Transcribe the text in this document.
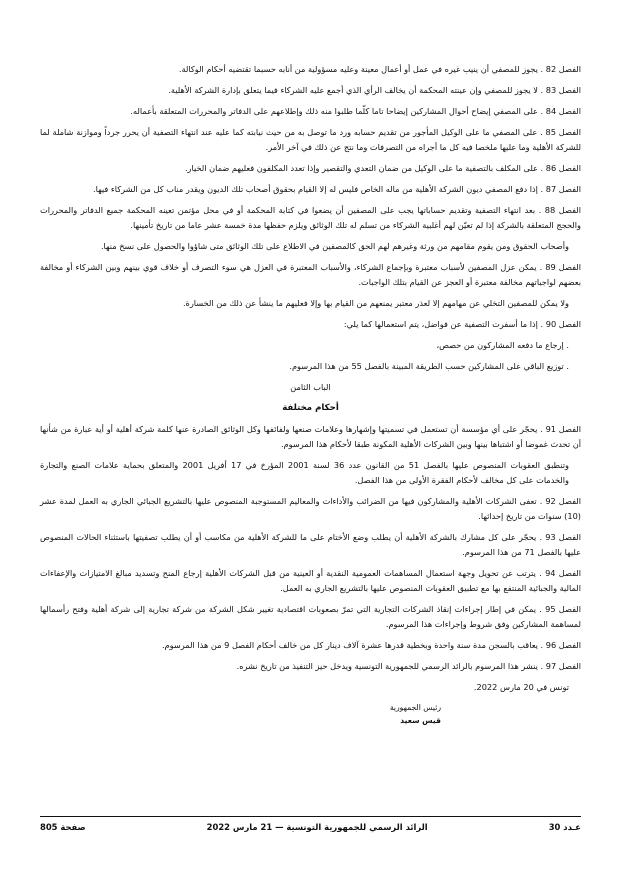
الفصل 82 . يجوز للمصفي أن ينيب غيره في عمل أو أعمال معينة وعليه مسؤولية من أنابه حسبما تقتضيه أحكام الوكالة.

الفصل 83 . لا يجوز للمصفي وإن عينته المحكمة أن يخالف الرأي الذي أجمع عليه الشركاء فيما يتعلق بإدارة الشركة الأهلية.

الفصل 84 . على المصفي إيضاح أحوال المشاركين إيضاحا تاما كلّما طلبوا منه ذلك وإطلاعهم على الدفاتر والمحررات المتعلقة بأعماله.

الفصل 85 . على المصفي ما على الوكيل المأجور من تقديم حسابه ورد ما توصل به من حيث نيابته كما عليه عند انتهاء التصفية أن يحرر جرداً وموازنة شاملة لما للشركة الأهلية وما عليها ملخصا فيه كل ما أجراه من التصرفات وما نتج عن ذلك في آخر الأمر.

الفصل 86 . على المكلف بالتصفية ما على الوكيل من ضمان التعدي والتقصير وإذا تعدد المكلفون فعليهم ضمان الخيار.

الفصل 87 . إذا دفع المصفي ديون الشركة الأهلية من ماله الخاص فليس له إلا القيام بحقوق أصحاب تلك الديون ويقدر مناب كل من الشركاء فيها.

الفصل 88 . بعد انتهاء التصفية وتقديم حساباتها يجب على المصفين أن يضعوا في كتابة المحكمة أو في محل مؤتمن تعينه المحكمة جميع الدفاتر والمحررات والحجج المتعلقة بالشركة إذا لم تعيّن لهم أغلبية الشركاء من تسلم له تلك الوثائق ويلزم حفظها مدة خمسة عشر عاما من تاريخ تأمينها.

وأصحاب الحقوق ومن يقوم مقامهم من ورثة وغيرهم لهم الحق كالمصفين في الاطلاع على تلك الوثائق متى شاؤوا والحصول على نسخ منها.

الفصل 89 . يمكن عزل المصفين لأسباب معتبرة وبإجماع الشركاء، والأسباب المعتبرة في العزل هي سوء التصرف أو خلاف قوي بينهم وبين الشركاء أو مخالفة بعضهم لواجباتهم مخالفة معتبرة أو العجز عن القيام بتلك الواجبات.

ولا يمكن للمصفين التخلي عن مهامهم إلا لعذر معتبر يمنعهم من القيام بها وإلا فعليهم ما ينشأ عن ذلك من الخسارة.

الفصل 90 . إذا ما أسفرت التصفية عن فواضل، يتم استعمالها كما يلي:

. إرجاع ما دفعه المشاركون من حصص،

. توزيع الباقي على المشاركين حسب الطريقة المبينة بالفصل 55 من هذا المرسوم.

الباب الثامن

أحكام مختلفة

الفصل 91 . يحجّر على أي مؤسسة أن تستعمل في تسميتها وإشهارها وعلامات صنعها ولفائفها وكل الوثائق الصادرة عنها كلمة شركة أهلية أو أية عبارة من شأنها أن تحدث غموضا أو اشتباها بينها وبين الشركات الأهلية المكونة طبقا لأحكام هذا المرسوم.

وتنطبق العقوبات المنصوص عليها بالفصل 51 من القانون عدد 36 لسنة 2001 المؤرخ في 17 أفريل 2001 والمتعلق بحماية علامات الصنع والتجارة والخدمات على كل مخالف لأحكام الفقرة الأولى من هذا الفصل.

الفصل 92 . تعفى الشركات الأهلية والمشاركون فيها من الضرائب والأداءات والمعاليم المستوجبة المنصوص عليها بالتشريع الجبائي الجاري به العمل لمدة عشر (10) سنوات من تاريخ إحداثها.

الفصل 93 . يحجّر على كل مشارك بالشركة الأهلية أن يطلب وضع الأختام على ما للشركة الأهلية من مكاسب أو أن يطلب تصفيتها باستثناء الحالات المنصوص عليها بالفصل 71 من هذا المرسوم.

الفصل 94 . يترتب عن تحويل وجهة استعمال المساهمات العمومية النقدية أو العينية من قبل الشركات الأهلية إرجاع المنح وتسديد مبالغ الامتيازات والإعفاءات المالية والجبائية المنتفع بها مع تطبيق العقوبات المنصوص عليها بالتشريع الجاري به العمل.

الفصل 95 . يمكن في إطار إجراءات إنقاذ الشركات التجارية التي تمرّ بصعوبات اقتصادية تغيير شكل الشركة من شركة تجارية إلى شركة أهلية وفتح رأسمالها لمساهمة المشاركين وفق شروط وإجراءات هذا المرسوم.

الفصل 96 . يعاقب بالسجن مدة سنة واحدة وبخطية قدرها عشرة آلاف دينار كل من خالف أحكام الفصل 9 من هذا المرسوم.

الفصل 97 . ينشر هذا المرسوم بالرائد الرسمي للجمهورية التونسية ويدخل حيز التنفيذ من تاريخ نشره.

تونس في 20 مارس 2022.

رئيس الجمهورية
قيس سعيد
عـدد 30
الرائد الرسمي للجمهورية التونسية — 21 مارس 2022
صفحة 805
